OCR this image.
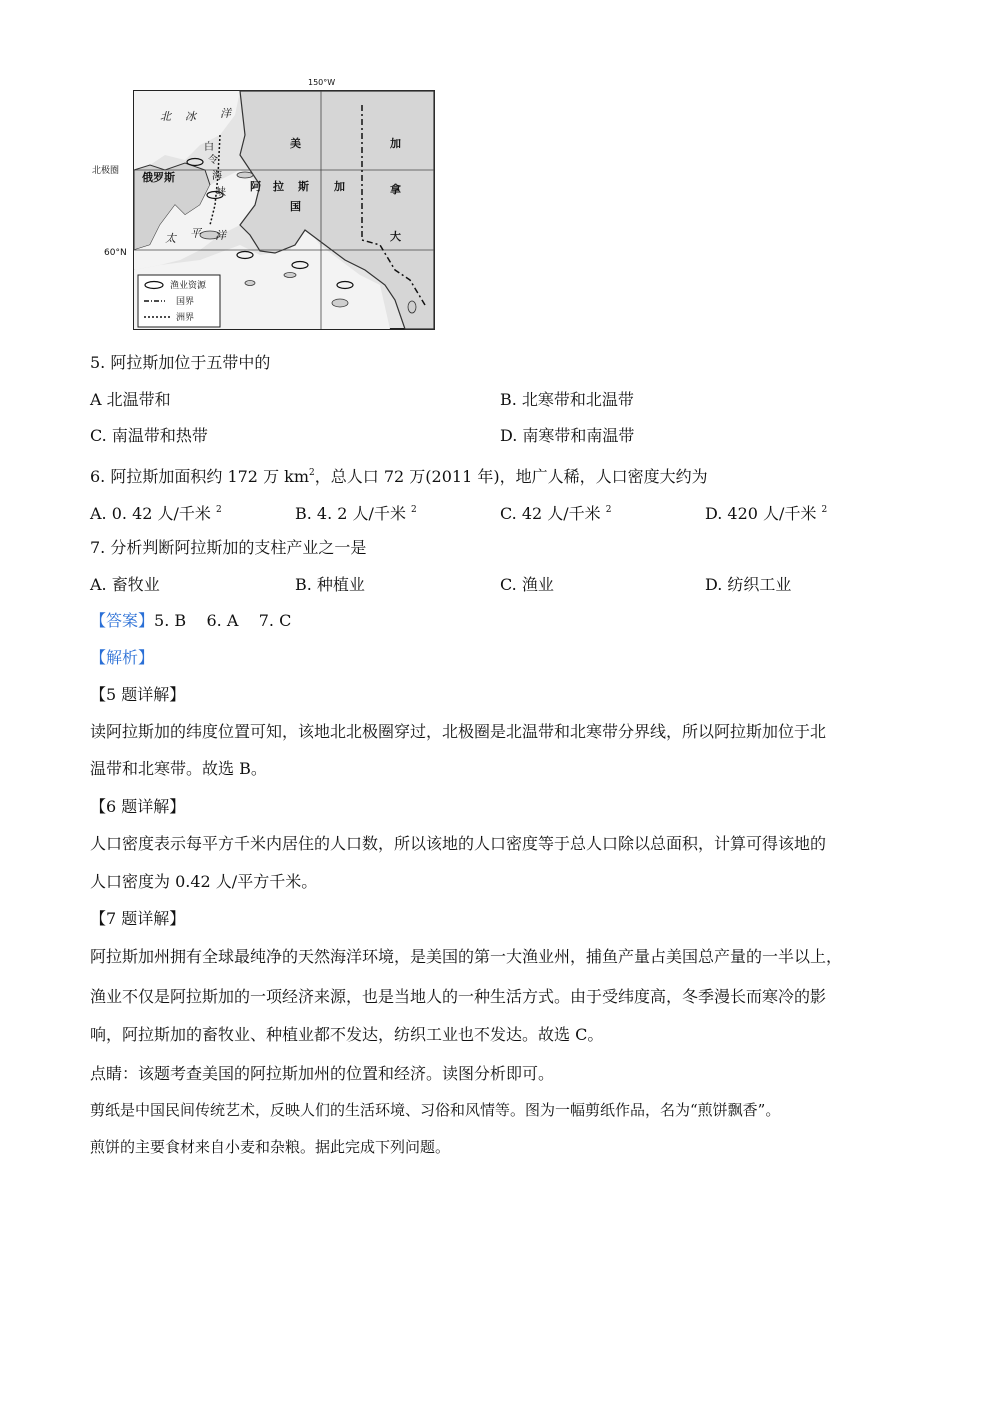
150°W
北极圈
60°N
北 冰 洋
白
令
海
峡
俄罗斯
太 平 洋
美
阿 拉 斯 加
国
加
拿
大
渔业资源
国界
洲界
5. 阿拉斯加位于五带中的
A 北温带和	B. 北寒带和北温带
C. 南温带和热带	D. 南寒带和南温带
6. 阿拉斯加面积约 172 万 $km^2$，总人口 72 万(2011 年)，地广人稀，人口密度大约为
A. 0. 42 人/千米 $^2$	B. 4. 2 人/千米 $^2$	C. 42 人/千米 $^2$	D. 420 人/千米 $^2$
7. 分析判断阿拉斯加的支柱产业之一是
A. 畜牧业	B. 种植业	C. 渔业	D. 纺织工业
【答案】5. B    6. A    7. C
【解析】
【5 题详解】
读阿拉斯加的纬度位置可知，该地北北极圈穿过，北极圈是北温带和北寒带分界线，所以阿拉斯加位于北
温带和北寒带。故选 B。
【6 题详解】
人口密度表示每平方千米内居住的人口数，所以该地的人口密度等于总人口除以总面积，计算可得该地的
人口密度为 0.42 人/平方千米。
【7 题详解】
阿拉斯加州拥有全球最纯净的天然海洋环境，是美国的第一大渔业州，捕鱼产量占美国总产量的一半以上，
渔业不仅是阿拉斯加的一项经济来源，也是当地人的一种生活方式。由于受纬度高，冬季漫长而寒冷的影
响，阿拉斯加的畜牧业、种植业都不发达，纺织工业也不发达。故选 C。
点睛：该题考查美国的阿拉斯加州的位置和经济。读图分析即可。
剪纸是中国民间传统艺术，反映人们的生活环境、习俗和风情等。图为一幅剪纸作品，名为“煎饼飘香”。
煎饼的主要食材来自小麦和杂粮。据此完成下列问题。
